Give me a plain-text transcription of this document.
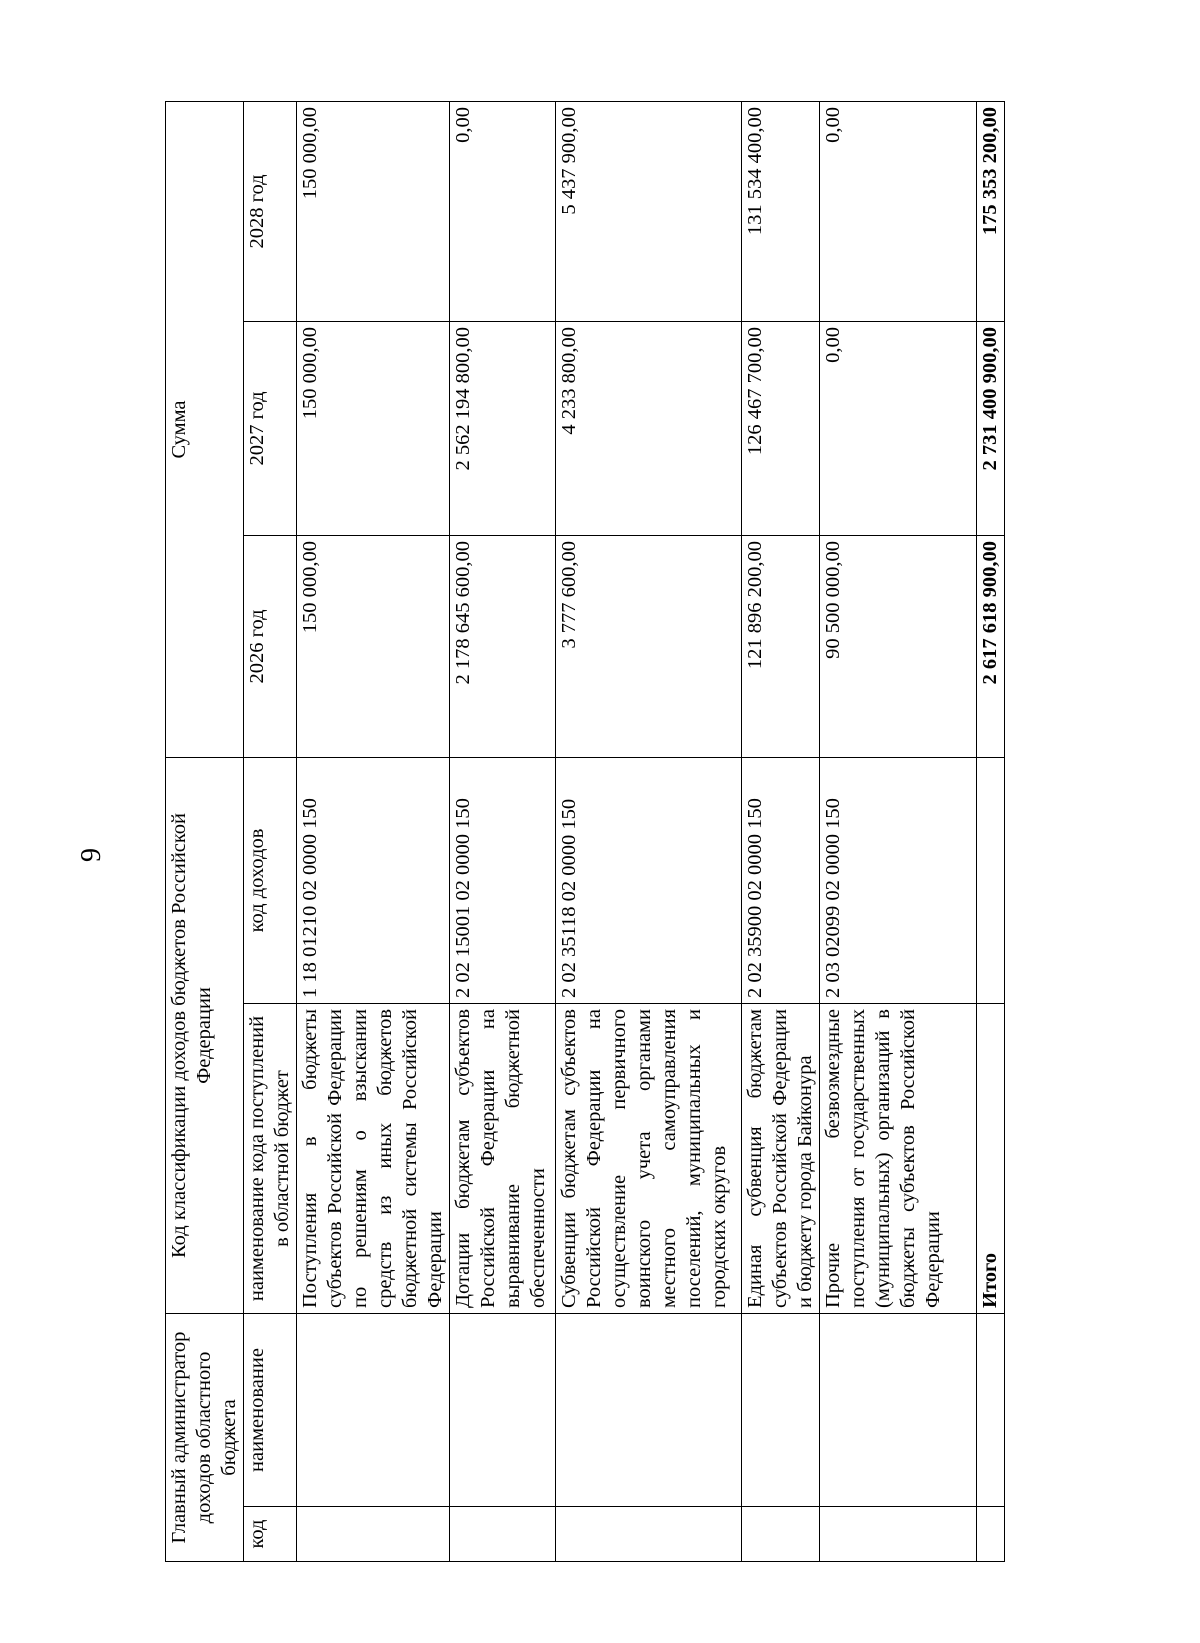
9
Главный администратор доходов областного бюджета		Код классификации доходов бюджетов Российской Федерации		Сумма		
код	наименование	наименование кода поступлений в областной бюджет	код доходов	2026 год	2027 год	2028 год
		Поступления в бюджеты субъектов Российской Федерации по решениям о взыскании средств из иных бюджетов бюджетной системы Российской Федерации	1 18 01210 02 0000 150	150 000,00	150 000,00	150 000,00
		Дотации бюджетам субъектов Российской Федерации на выравнивание бюджетной обеспеченности	2 02 15001 02 0000 150	2 178 645 600,00	2 562 194 800,00	0,00
		Субвенции бюджетам субъектов Российской Федерации на осуществление первичного воинского учета органами местного самоуправления поселений, муниципальных и городских округов	2 02 35118 02 0000 150	3 777 600,00	4 233 800,00	5 437 900,00
		Единая субвенция бюджетам субъектов Российской Федерации и бюджету города Байконура	2 02 35900 02 0000 150	121 896 200,00	126 467 700,00	131 534 400,00
		Прочие безвозмездные поступления от государственных (муниципальных) организаций в бюджеты субъектов Российской Федерации	2 03 02099 02 0000 150	90 500 000,00	0,00	0,00
		Итого		2 617 618 900,00	2 731 400 900,00	175 353 200,00
